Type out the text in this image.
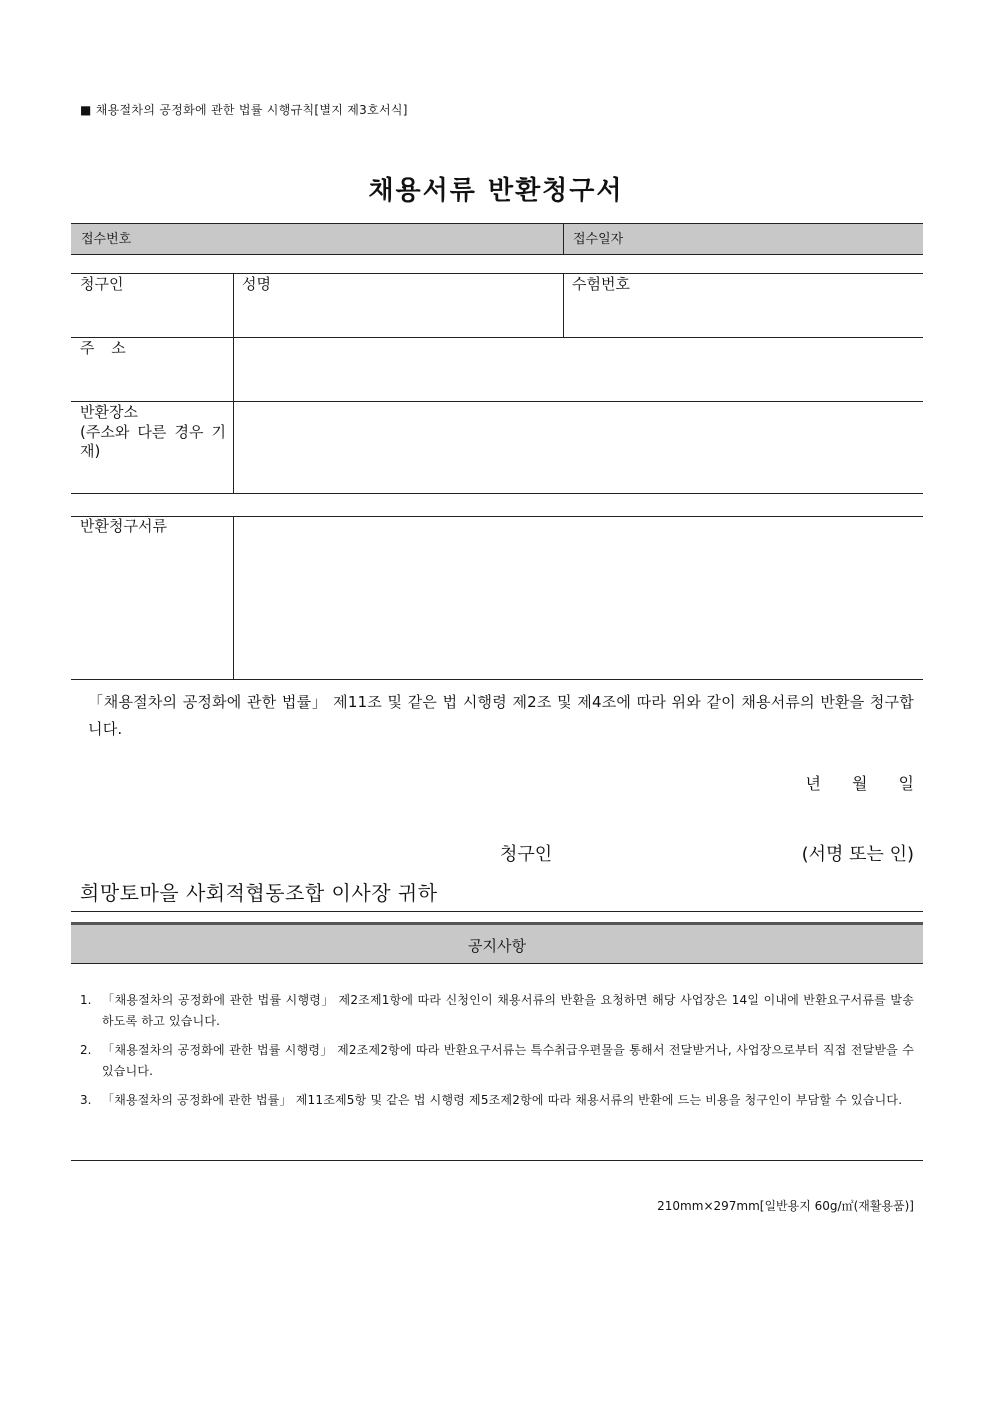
■ 채용절차의 공정화에 관한 법률 시행규칙[별지 제3호서식]
채용서류 반환청구서
접수번호	접수일자
청구인	성명	수험번호
주 소
반환장소
(주소와 다른 경우 기재)
반환청구서류
「채용절차의 공정화에 관한 법률」 제11조 및 같은 법 시행령 제2조 및 제4조에 따라 위와 같이 채용서류의 반환을 청구합니다.
년 월 일
청구인	(서명 또는 인)
희망토마을 사회적협동조합 이사장 귀하
공지사항
1. 「채용절차의 공정화에 관한 법률 시행령」 제2조제1항에 따라 신청인이 채용서류의 반환을 요청하면 해당 사업장은 14일 이내에 반환요구서류를 발송하도록 하고 있습니다.
2. 「채용절차의 공정화에 관한 법률 시행령」 제2조제2항에 따라 반환요구서류는 특수취급우편물을 통해서 전달받거나, 사업장으로부터 직접 전달받을 수 있습니다.
3. 「채용절차의 공정화에 관한 법률」 제11조제5항 및 같은 법 시행령 제5조제2항에 따라 채용서류의 반환에 드는 비용을 청구인이 부담할 수 있습니다.
210mm×297mm[일반용지 60g/㎡(재활용품)]
